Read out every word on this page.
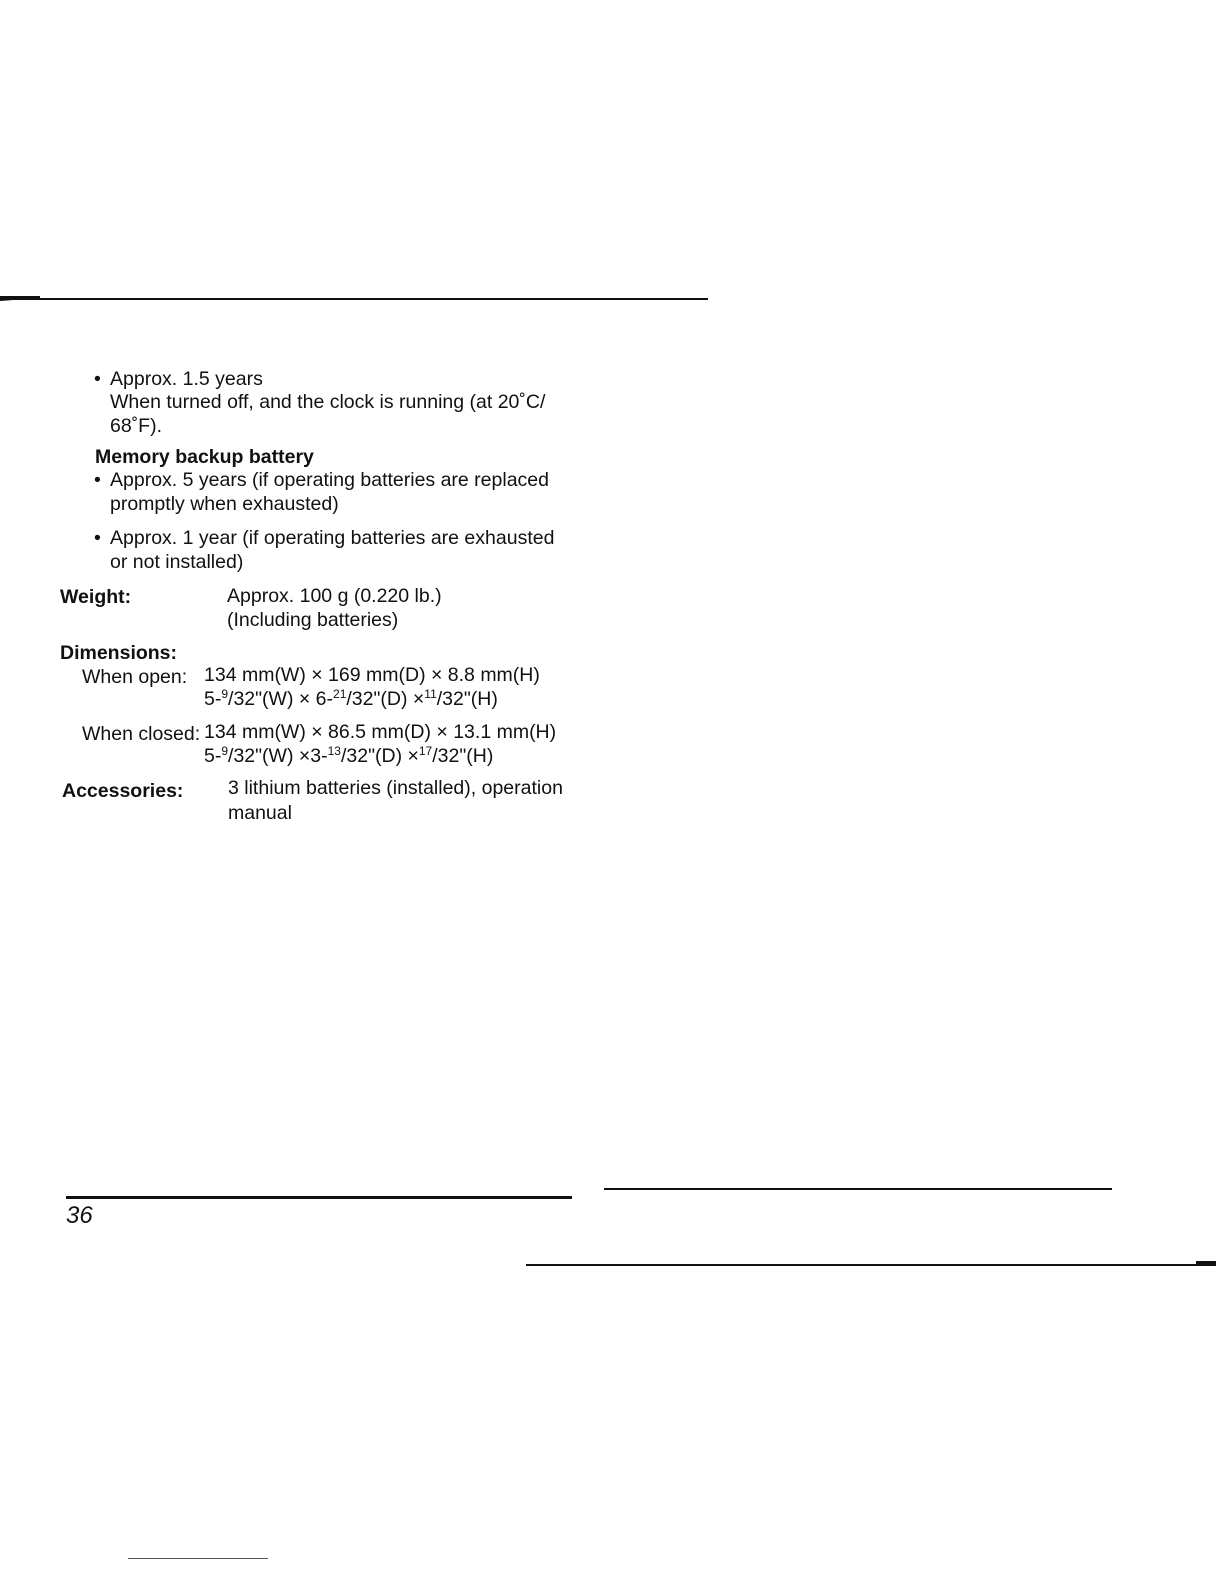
• Approx. 1.5 years
When turned off, and the clock is running (at 20˚C/
68˚F).
Memory backup battery
• Approx. 5 years (if operating batteries are replaced
promptly when exhausted)
• Approx. 1 year (if operating batteries are exhausted
or not installed)
Weight:	Approx. 100 g (0.220 lb.)
(Including batteries)
Dimensions:
When open: 134 mm(W) × 169 mm(D) × 8.8 mm(H)
5-$^9$/32"(W) × 6-$^{21}$/32"(D) ×$^{11}$/32"(H)
When closed: 134 mm(W) × 86.5 mm(D) × 13.1 mm(H)
5-$^9$/32"(W) ×3-$^{13}$/32"(D) ×$^{17}$/32"(H)
Accessories: 3 lithium batteries (installed), operation
manual
36
